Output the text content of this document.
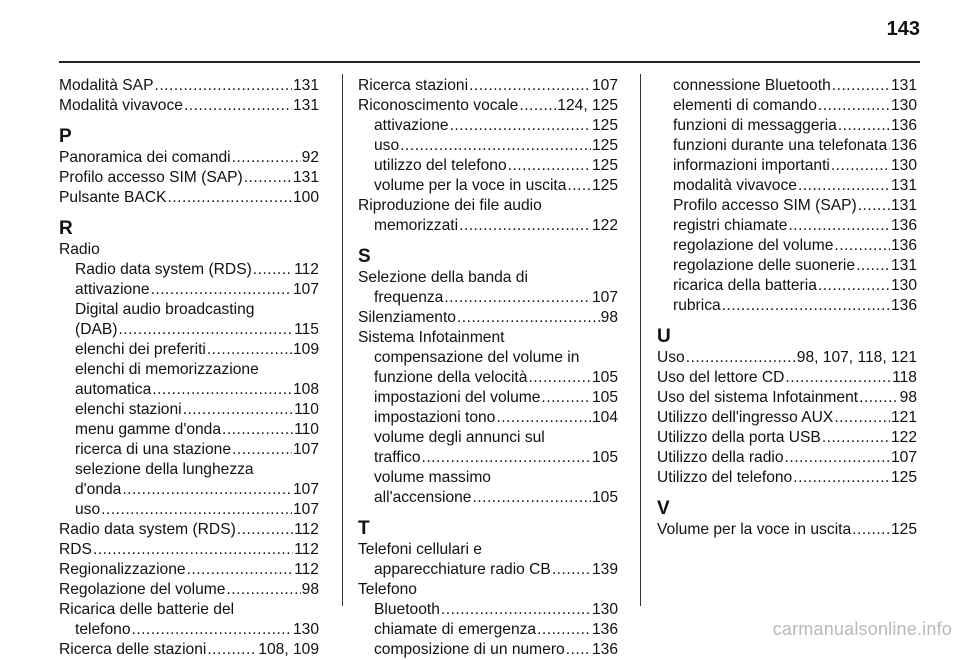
143
Modalità SAP .....	131
Modalità vivavoce .....	131
P
Panoramica dei comandi .....	92
Profilo accesso SIM (SAP) .....	131
Pulsante BACK .....	100
R
Radio
Radio data system (RDS) .....	112
attivazione .....	107
Digital audio broadcasting
(DAB) .....	115
elenchi dei preferiti .....	109
elenchi di memorizzazione
automatica .....	108
elenchi stazioni .....	110
menu gamme d'onda .....	110
ricerca di una stazione .....	107
selezione della lunghezza
d'onda .....	107
uso .....	107
Radio data system (RDS) .....	112
RDS .....	112
Regionalizzazione .....	112
Regolazione del volume .....	98
Ricarica delle batterie del
telefono .....	130
Ricerca delle stazioni .....	108, 109
Ricerca stazioni .....	107
Riconoscimento vocale ..... 124, 125
attivazione .....	125
uso .....	125
utilizzo del telefono .....	125
volume per la voce in uscita ..... 125
Riproduzione dei file audio
memorizzati .....	122
S
Selezione della banda di
frequenza .....	107
Silenziamento .....	98
Sistema Infotainment
compensazione del volume in
funzione della velocità .....	105
impostazioni del volume .....	105
impostazioni tono .....	104
volume degli annunci sul
traffico .....	105
volume massimo
all'accensione .....	105
T
Telefoni cellulari e
apparecchiature radio CB .....	139
Telefono
Bluetooth .....	130
chiamate di emergenza .....	136
composizione di un numero ..... 136
connessione Bluetooth .....	131
elementi di comando .....	130
funzioni di messaggeria .....	136
funzioni durante una telefonata ..... 136
informazioni importanti .....	130
modalità vivavoce .....	131
Profilo accesso SIM (SAP) ..... 131
registri chiamate .....	136
regolazione del volume .....	136
regolazione delle suonerie ..... 131
ricarica della batteria .....	130
rubrica .....	136
U
Uso .....	98, 107, 118, 121
Uso del lettore CD .....	118
Uso del sistema Infotainment .....	98
Utilizzo dell'ingresso AUX .....	121
Utilizzo della porta USB .....	122
Utilizzo della radio .....	107
Utilizzo del telefono .....	125
V
Volume per la voce in uscita .....	125
carmanualsonline.info
